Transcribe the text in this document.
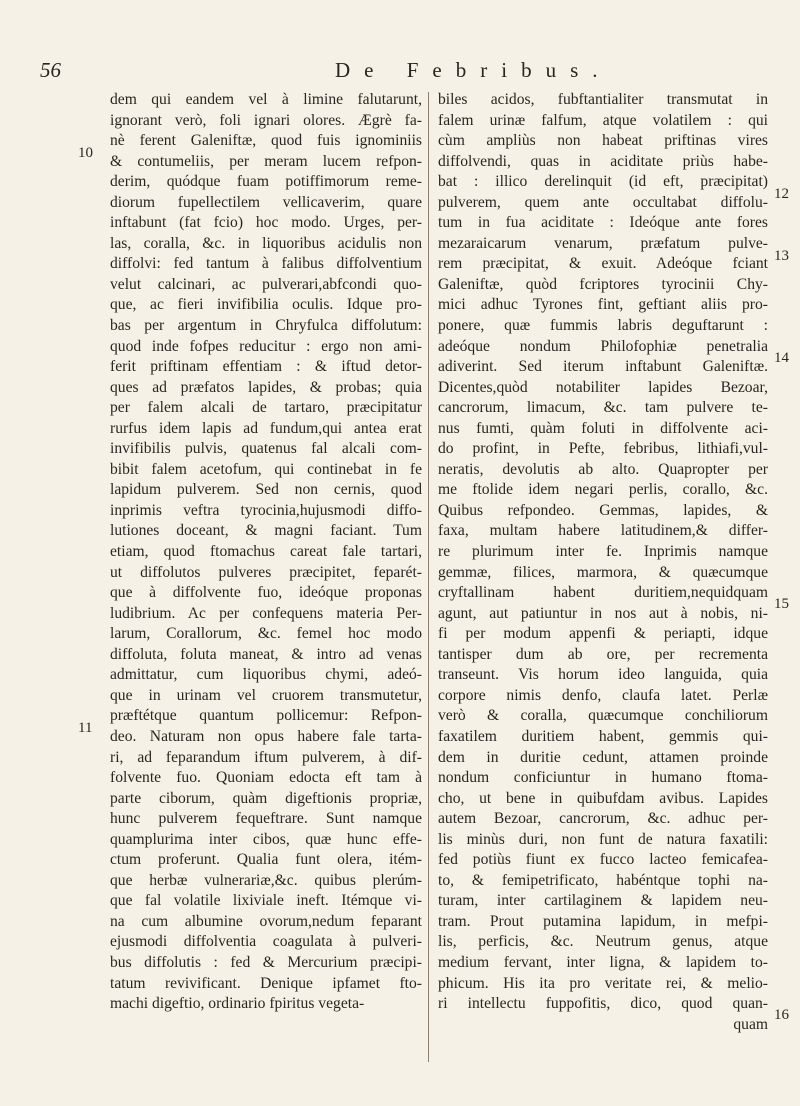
56	De Febribus.
dem qui eandem vel à limine falutarunt,
ignorant verò, foli ignari olores. Ægrè fa-
nè ferent Galeniftæ, quod fuis ignominiis
& contumeliis, per meram lucem refpon-
derim, quódque fuam potiffimorum reme-
diorum fupellectilem vellicaverim, quare
inftabunt (fat fcio) hoc modo. Urges, per-
las, coralla, &c. in liquoribus acidulis non
diffolvi: fed tantum à falibus diffolventium
velut calcinari, ac pulverari,abfcondi quo-
que, ac fieri invifibilia oculis. Idque pro-
bas per argentum in Chryfulca diffolutum:
quod inde fofpes reducitur : ergo non ami-
ferit priftinam effentiam : & iftud detor-
ques ad præfatos lapides, & probas; quia
per falem alcali de tartaro, præcipitatur
rurfus idem lapis ad fundum,qui antea erat
invifibilis pulvis, quatenus fal alcali com-
bibit falem acetofum, qui continebat in fe
lapidum pulverem. Sed non cernis, quod
inprimis veftra tyrocinia,hujusmodi diffo-
lutiones doceant, & magni faciant. Tum
etiam, quod ftomachus careat fale tartari,
ut diffolutos pulveres præcipitet, feparét-
que à diffolvente fuo, ideóque proponas
ludibrium. Ac per confequens materia Per-
larum, Corallorum, &c. femel hoc modo
diffoluta, foluta maneat, & intro ad venas
admittatur, cum liquoribus chymi, adeó-
que in urinam vel cruorem transmutetur,
præftétque quantum pollicemur: Refpon-
deo. Naturam non opus habere fale tarta-
ri, ad feparandum iftum pulverem, à dif-
folvente fuo. Quoniam edocta eft tam à
parte ciborum, quàm digeftionis propriæ,
hunc pulverem fequeftrare. Sunt namque
quamplurima inter cibos, quæ hunc effe-
ctum proferunt. Qualia funt olera, itém-
que herbæ vulnerariæ,&c. quibus plerúm-
que fal volatile lixiviale ineft. Itémque vi-
na cum albumine ovorum,nedum feparant
ejusmodi diffolventia coagulata à pulveri-
bus diffolutis : fed & Mercurium præcipi-
tatum revivificant. Denique ipfamet fto-
machi digeftio, ordinario fpiritus vegeta-
biles acidos, fubftantialiter transmutat in
falem urinæ falfum, atque volatilem : qui
cùm ampliùs non habeat priftinas vires
diffolvendi, quas in aciditate priùs habe-
bat : illico derelinquit (id eft, præcipitat)
pulverem, quem ante occultabat diffolu-
tum in fua aciditate : Ideóque ante fores
mezaraicarum venarum, præfatum pulve-
rem præcipitat, & exuit. Adeóque fciant
Galeniftæ, quòd fcriptores tyrocinii Chy-
mici adhuc Tyrones fint, geftiant aliis pro-
ponere, quæ fummis labris deguftarunt :
adeóque nondum Philofophiæ penetralia
adiverint. Sed iterum inftabunt Galeniftæ.
Dicentes,quòd notabiliter lapides Bezoar,
cancrorum, limacum, &c. tam pulvere te-
nus fumti, quàm foluti in diffolvente aci-
do profint, in Pefte, febribus, lithiafi,vul-
neratis, devolutis ab alto. Quapropter per
me ftolide idem negari perlis, corallo, &c.
Quibus refpondeo. Gemmas, lapides, &
faxa, multam habere latitudinem,& differ-
re plurimum inter fe. Inprimis namque
gemmæ, filices, marmora, & quæcumque
cryftallinam habent duritiem,nequidquam
agunt, aut patiuntur in nos aut à nobis, ni-
fi per modum appenfi & periapti, idque
tantisper dum ab ore, per recrementa
transeunt. Vis horum ideo languida, quia
corpore nimis denfo, claufa latet. Perlæ
verò & coralla, quæcumque conchiliorum
faxatilem duritiem habent, gemmis qui-
dem in duritie cedunt, attamen proinde
nondum conficiuntur in humano ftoma-
cho, ut bene in quibufdam avibus. Lapides
autem Bezoar, cancrorum, &c. adhuc per-
lis minùs duri, non funt de natura faxatili:
fed potiùs fiunt ex fucco lacteo femicafea-
to, & femipetrificato, habéntque tophi na-
turam, inter cartilaginem & lapidem neu-
tram. Prout putamina lapidum, in mefpi-
lis, perficis, &c. Neutrum genus, atque
medium fervant, inter ligna, & lapidem to-
phicum. His ita pro veritate rei, & melio-
ri intellectu fuppofitis, dico, quod quan-
quam
10
11
12
13
14
15
16
